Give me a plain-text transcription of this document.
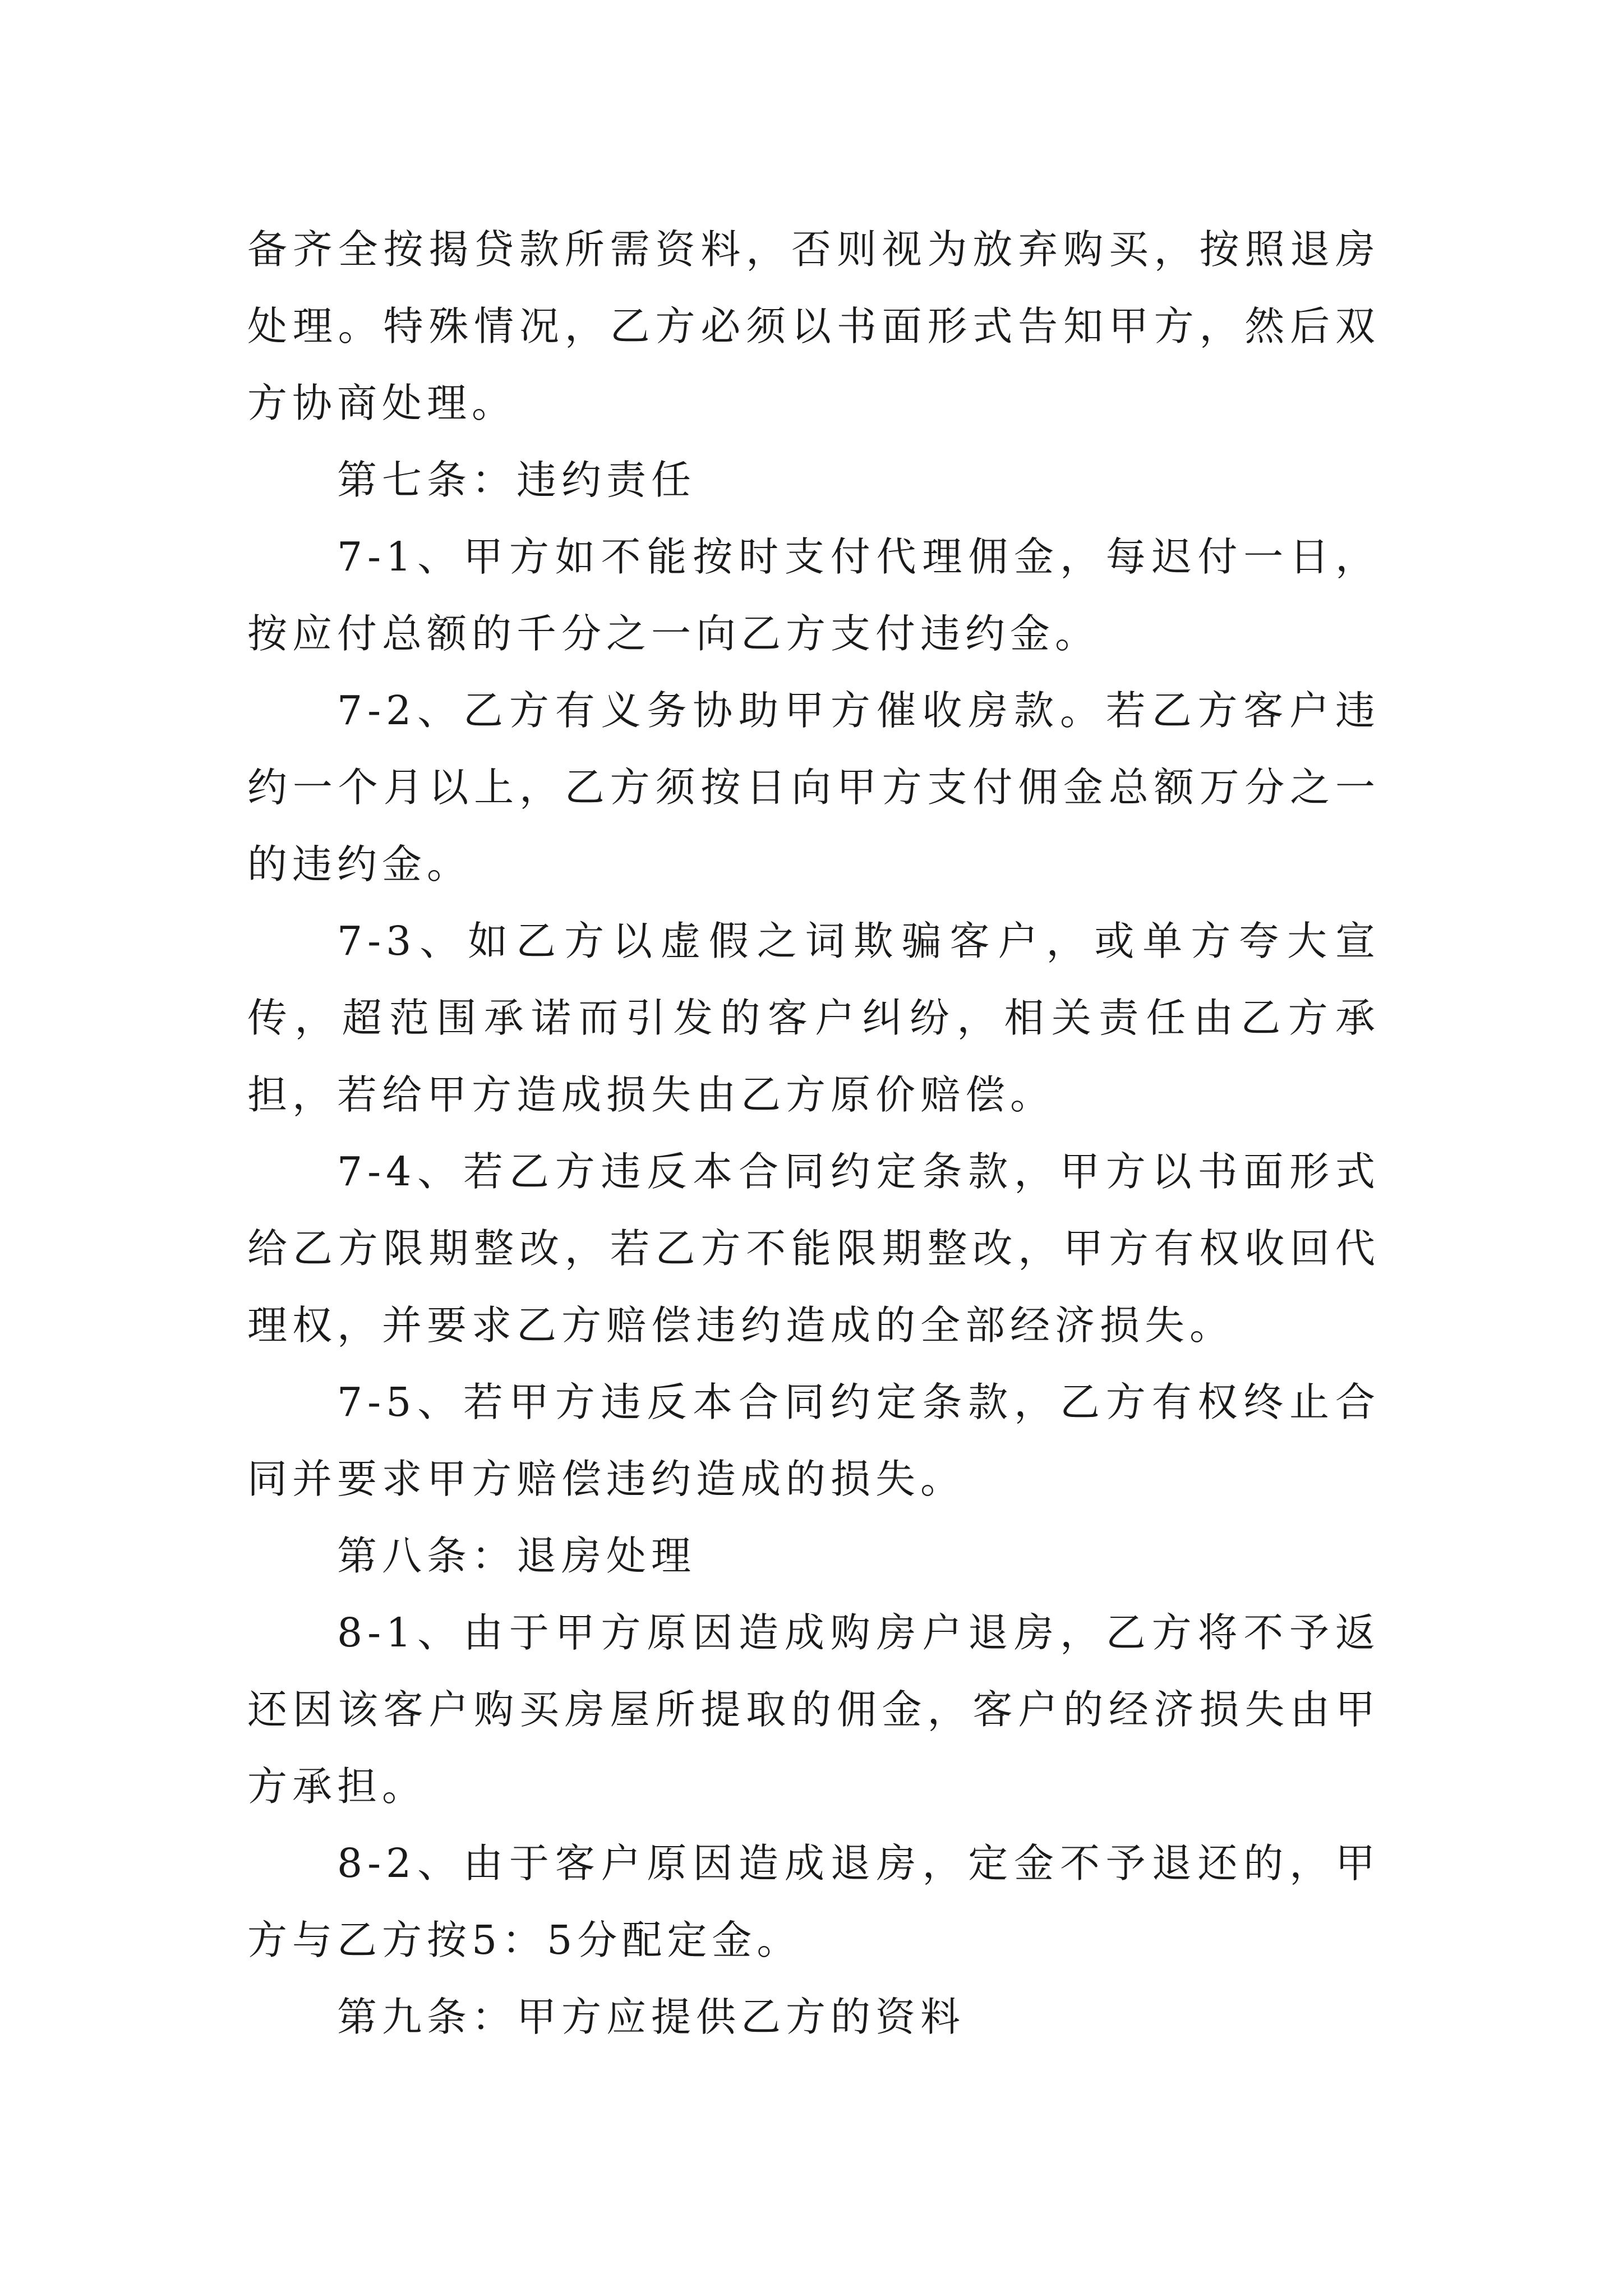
备齐全按揭贷款所需资料，否则视为放弃购买，按照退房处理。特殊情况，乙方必须以书面形式告知甲方，然后双方协商处理。

第七条：违约责任

7-1、甲方如不能按时支付代理佣金，每迟付一日，按应付总额的千分之一向乙方支付违约金。

7-2、乙方有义务协助甲方催收房款。若乙方客户违约一个月以上，乙方须按日向甲方支付佣金总额万分之一的违约金。

7-3、如乙方以虚假之词欺骗客户，或单方夸大宣传，超范围承诺而引发的客户纠纷，相关责任由乙方承担，若给甲方造成损失由乙方原价赔偿。

7-4、若乙方违反本合同约定条款，甲方以书面形式给乙方限期整改，若乙方不能限期整改，甲方有权收回代理权，并要求乙方赔偿违约造成的全部经济损失。

7-5、若甲方违反本合同约定条款，乙方有权终止合同并要求甲方赔偿违约造成的损失。

第八条：退房处理

8-1、由于甲方原因造成购房户退房，乙方将不予返还因该客户购买房屋所提取的佣金，客户的经济损失由甲方承担。

8-2、由于客户原因造成退房，定金不予退还的，甲方与乙方按5：5分配定金。

第九条：甲方应提供乙方的资料
